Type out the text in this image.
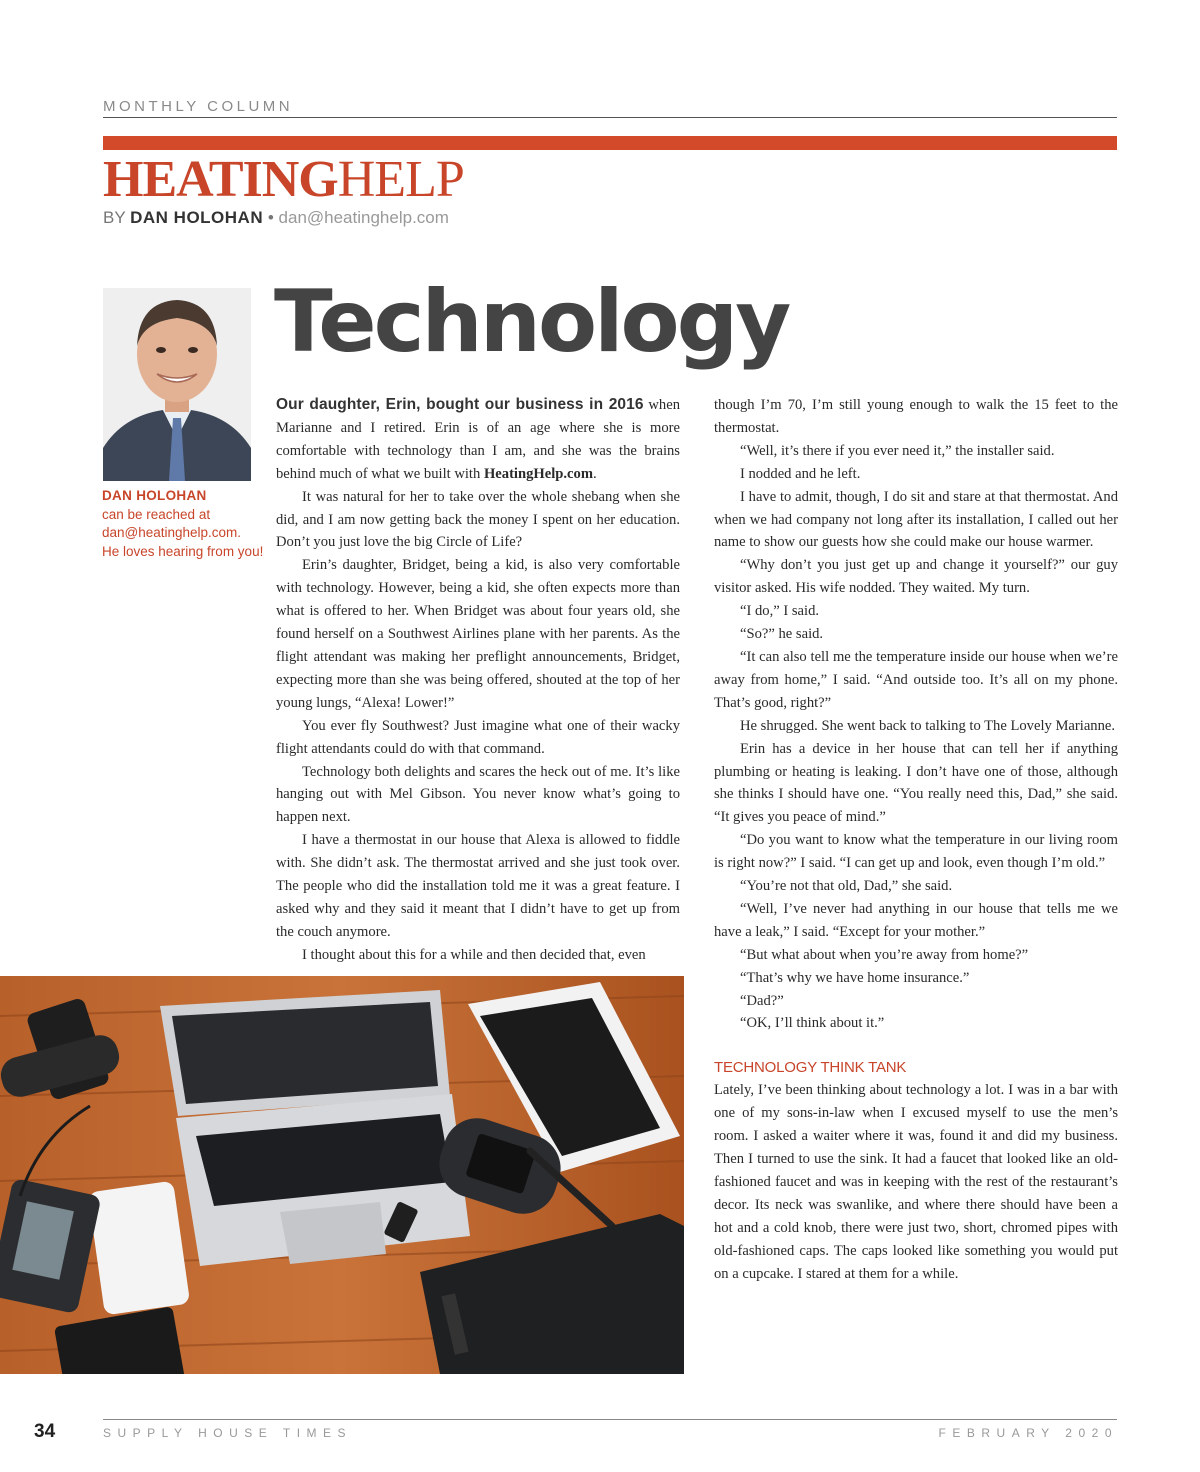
MONTHLY COLUMN
HEATINGHELP
BY DAN HOLOHAN • dan@heatinghelp.com
DAN HOLOHAN
can be reached at
dan@heatinghelp.com.
He loves hearing from you!
Technology

Our daughter, Erin, bought our business in 2016 when Marianne and I retired. Erin is of an age where she is more comfortable with technology than I am, and she was the brains behind much of what we built with HeatingHelp.com.

It was natural for her to take over the whole shebang when she did, and I am now getting back the money I spent on her education. Don’t you just love the big Circle of Life?

Erin’s daughter, Bridget, being a kid, is also very comfortable with technology. However, being a kid, she often expects more than what is offered to her. When Bridget was about four years old, she found herself on a Southwest Airlines plane with her parents. As the flight attendant was making her preflight announcements, Bridget, expecting more than she was being offered, shouted at the top of her young lungs, “Alexa! Lower!”

You ever fly Southwest? Just imagine what one of their wacky flight attendants could do with that command.

Technology both delights and scares the heck out of me. It’s like hanging out with Mel Gibson. You never know what’s going to happen next.

I have a thermostat in our house that Alexa is allowed to fiddle with. She didn’t ask. The thermostat arrived and she just took over. The people who did the installation told me it was a great feature. I asked why and they said it meant that I didn’t have to get up from the couch anymore.

I thought about this for a while and then decided that, even

though I’m 70, I’m still young enough to walk the 15 feet to the thermostat.

“Well, it’s there if you ever need it,” the installer said.

I nodded and he left.

I have to admit, though, I do sit and stare at that thermostat. And when we had company not long after its installation, I called out her name to show our guests how she could make our house warmer.

“Why don’t you just get up and change it yourself?” our guy visitor asked. His wife nodded. They waited. My turn.

“I do,” I said.

“So?” he said.

“It can also tell me the temperature inside our house when we’re away from home,” I said. “And outside too. It’s all on my phone. That’s good, right?”

He shrugged. She went back to talking to The Lovely Marianne.

Erin has a device in her house that can tell her if anything plumbing or heating is leaking. I don’t have one of those, although she thinks I should have one. “You really need this, Dad,” she said. “It gives you peace of mind.”

“Do you want to know what the temperature in our living room is right now?” I said. “I can get up and look, even though I’m old.”

“You’re not that old, Dad,” she said.

“Well, I’ve never had anything in our house that tells me we have a leak,” I said. “Except for your mother.”

“But what about when you’re away from home?”

“That’s why we have home insurance.”

“Dad?”

“OK, I’ll think about it.”

TECHNOLOGY THINK TANK

Lately, I’ve been thinking about technology a lot. I was in a bar with one of my sons-in-law when I excused myself to use the men’s room. I asked a waiter where it was, found it and did my business. Then I turned to use the sink. It had a faucet that looked like an old-fashioned faucet and was in keeping with the rest of the restaurant’s decor. Its neck was swanlike, and where there should have been a hot and a cold knob, there were just two, short, chromed pipes with old-fashioned caps. The caps looked like something you would put on a cupcake. I stared at them for a while.

34	SUPPLY HOUSE TIMES	FEBRUARY 2020
